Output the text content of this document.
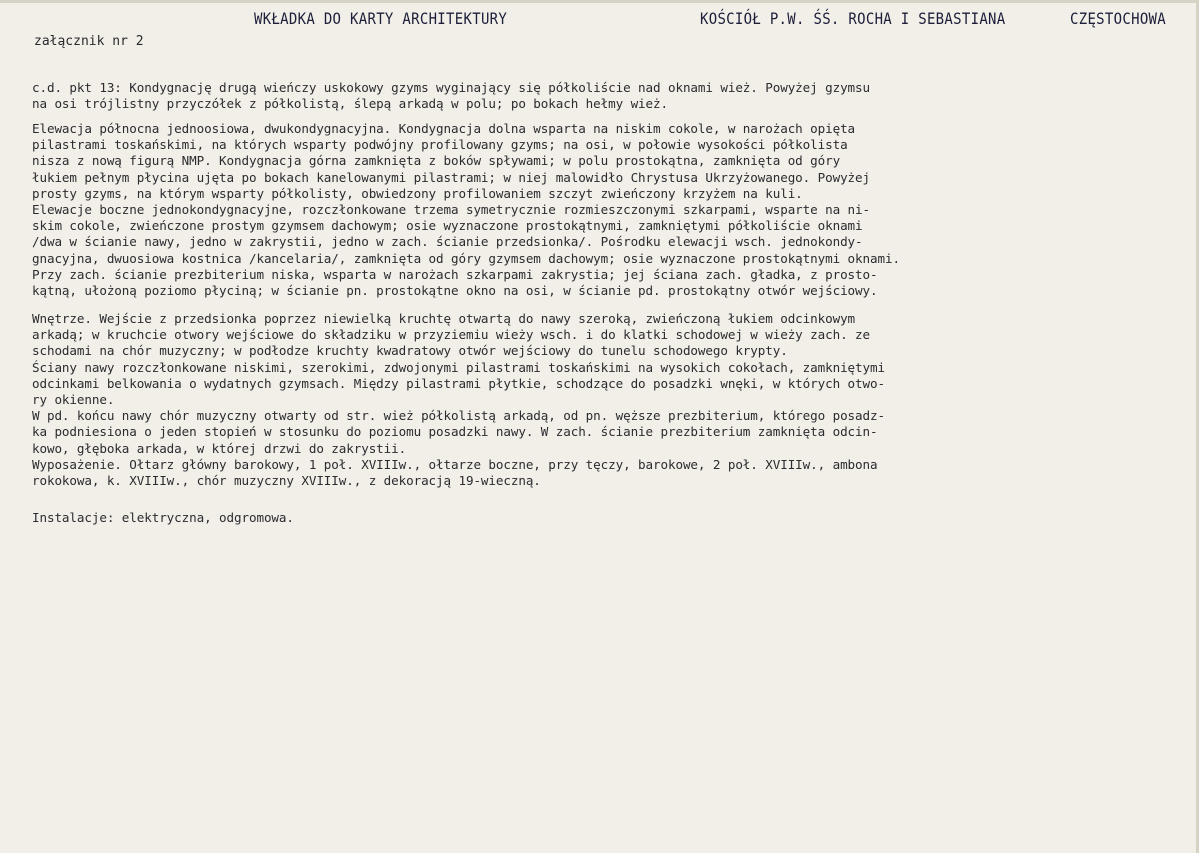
WKŁADKA DO KARTY ARCHITEKTURY	KOŚCIÓŁ P.W. ŚŚ. ROCHA I SEBASTIANA	CZĘSTOCHOWA
załącznik nr 2
c.d. pkt 13: Kondygnację drugą wieńczy uskokowy gzyms wyginający się półkoliście nad oknami wież. Powyżej gzymsu
na osi trójlistny przyczółek z półkolistą, ślepą arkadą w polu; po bokach hełmy wież.
Elewacja północna jednoosiowa, dwukondygnacyjna. Kondygnacja dolna wsparta na niskim cokole, w narożach opięta
pilastrami toskańskimi, na których wsparty podwójny profilowany gzyms; na osi, w połowie wysokości półkolista
nisza z nową figurą NMP. Kondygnacja górna zamknięta z boków spływami; w polu prostokątna, zamknięta od góry
łukiem pełnym płycina ujęta po bokach kanelowanymi pilastrami; w niej malowidło Chrystusa Ukrzyżowanego. Powyżej
prosty gzyms, na którym wsparty półkolisty, obwiedzony profilowaniem szczyt zwieńczony krzyżem na kuli.
Elewacje boczne jednokondygnacyjne, rozczłonkowane trzema symetrycznie rozmieszczonymi szkarpami, wsparte na ni-
skim cokole, zwieńczone prostym gzymsem dachowym; osie wyznaczone prostokątnymi, zamkniętymi półkoliście oknami
/dwa w ścianie nawy, jedno w zakrystii, jedno w zach. ścianie przedsionka/. Pośrodku elewacji wsch. jednokondy-
gnacyjna, dwuosiowa kostnica /kancelaria/, zamknięta od góry gzymsem dachowym; osie wyznaczone prostokątnymi oknami.
Przy zach. ścianie prezbiterium niska, wsparta w narożach szkarpami zakrystia; jej ściana zach. gładka, z prosto-
kątną, ułożoną poziomo płyciną; w ścianie pn. prostokątne okno na osi, w ścianie pd. prostokątny otwór wejściowy.
Wnętrze. Wejście z przedsionka poprzez niewielką kruchtę otwartą do nawy szeroką, zwieńczoną łukiem odcinkowym
arkadą; w kruchcie otwory wejściowe do składziku w przyziemiu wieży wsch. i do klatki schodowej w wieży zach. ze
schodami na chór muzyczny; w podłodze kruchty kwadratowy otwór wejściowy do tunelu schodowego krypty.
Ściany nawy rozczłonkowane niskimi, szerokimi, zdwojonymi pilastrami toskańskimi na wysokich cokołach, zamkniętymi
odcinkami belkowania o wydatnych gzymsach. Między pilastrami płytkie, schodzące do posadzki wnęki, w których otwo-
ry okienne.
W pd. końcu nawy chór muzyczny otwarty od str. wież półkolistą arkadą, od pn. węższe prezbiterium, którego posadz-
ka podniesiona o jeden stopień w stosunku do poziomu posadzki nawy. W zach. ścianie prezbiterium zamknięta odcin-
kowo, głęboka arkada, w której drzwi do zakrystii.
Wyposażenie. Ołtarz główny barokowy, 1 poł. XVIIIw., ołtarze boczne, przy tęczy, barokowe, 2 poł. XVIIIw., ambona
rokokowa, k. XVIIIw., chór muzyczny XVIIIw., z dekoracją 19-wieczną.
Instalacje: elektryczna, odgromowa.
